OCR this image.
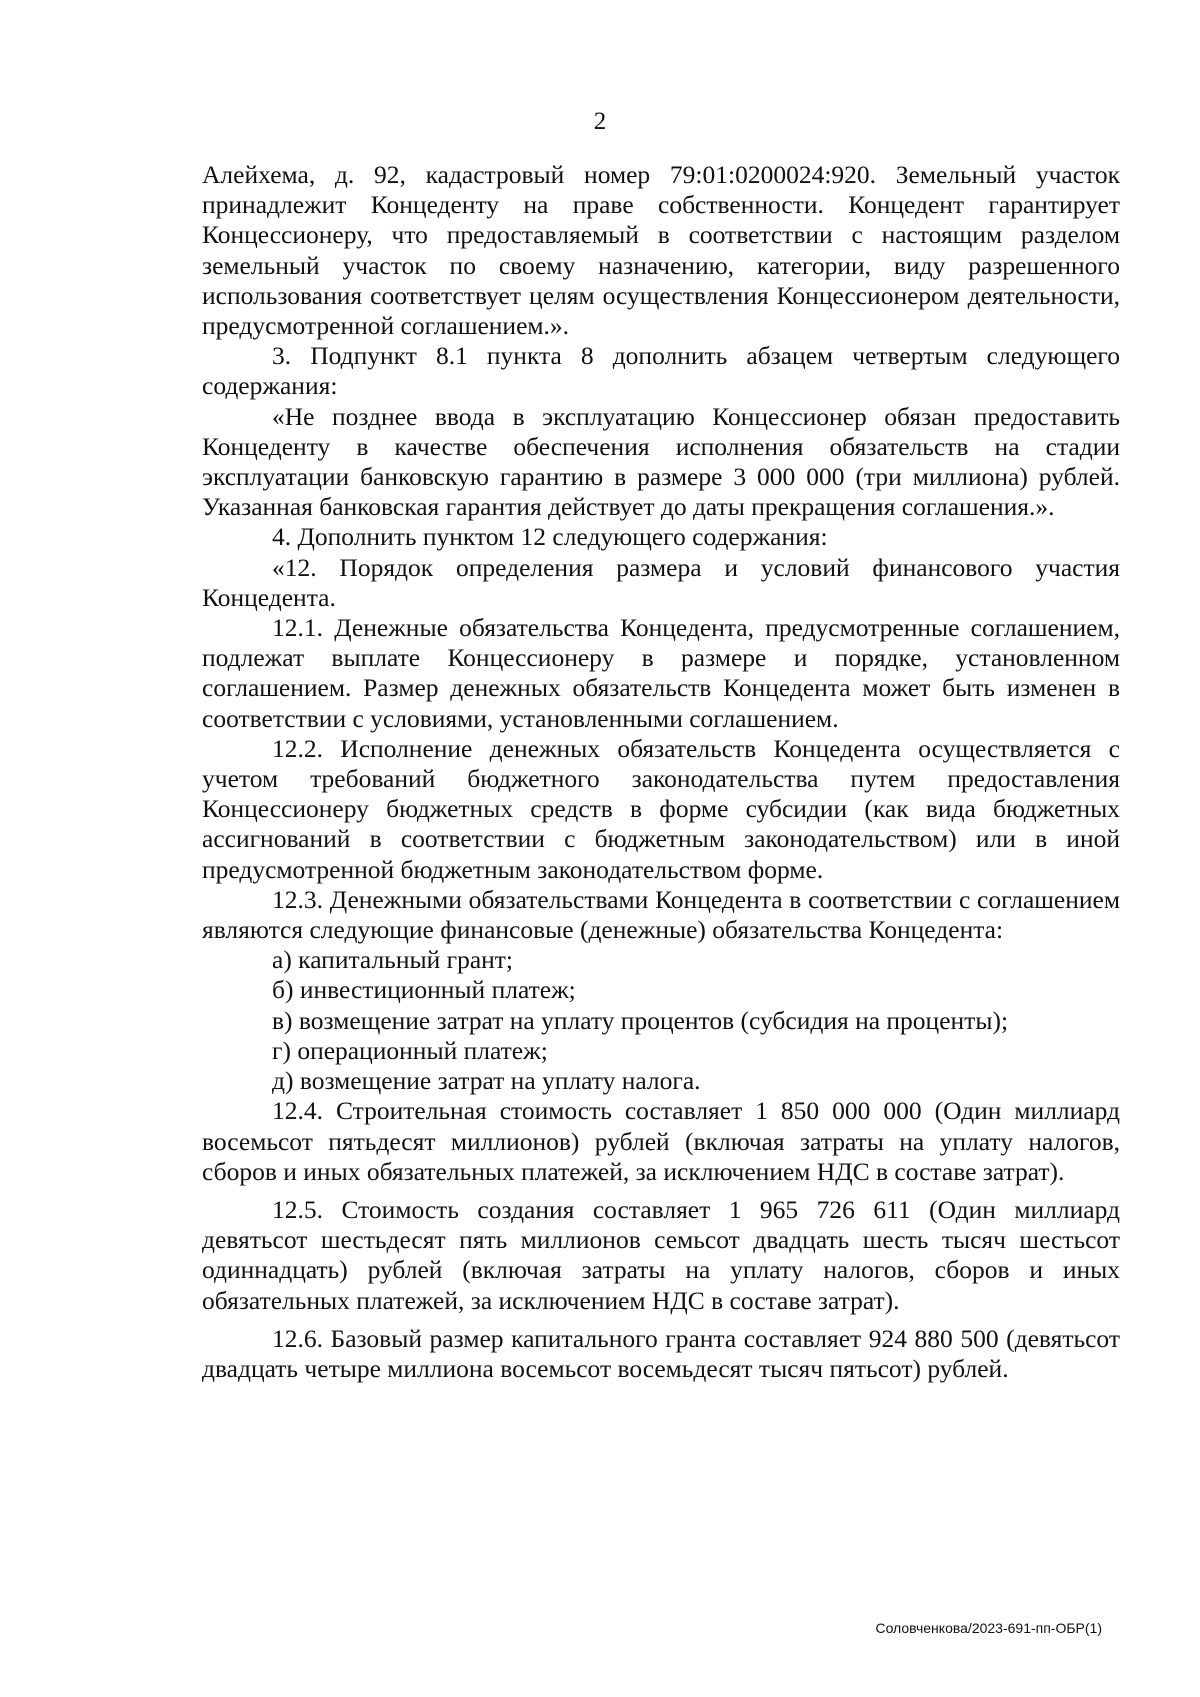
2

Алейхема, д. 92, кадастровый номер 79:01:0200024:920. Земельный участок принадлежит Концеденту на праве собственности. Концедент гарантирует Концессионеру, что предоставляемый в соответствии с настоящим разделом земельный участок по своему назначению, категории, виду разрешенного использования соответствует целям осуществления Концессионером деятельности, предусмотренной соглашением.».

3. Подпункт 8.1 пункта 8 дополнить абзацем четвертым следующего содержания:

«Не позднее ввода в эксплуатацию Концессионер обязан предоставить Концеденту в качестве обеспечения исполнения обязательств на стадии эксплуатации банковскую гарантию в размере 3 000 000 (три миллиона) рублей. Указанная банковская гарантия действует до даты прекращения соглашения.».

4. Дополнить пунктом 12 следующего содержания:

«12. Порядок определения размера и условий финансового участия Концедента.

12.1. Денежные обязательства Концедента, предусмотренные соглашением, подлежат выплате Концессионеру в размере и порядке, установленном соглашением. Размер денежных обязательств Концедента может быть изменен в соответствии с условиями, установленными соглашением.

12.2. Исполнение денежных обязательств Концедента осуществляется с учетом требований бюджетного законодательства путем предоставления Концессионеру бюджетных средств в форме субсидии (как вида бюджетных ассигнований в соответствии с бюджетным законодательством) или в иной предусмотренной бюджетным законодательством форме.

12.3. Денежными обязательствами Концедента в соответствии с соглашением являются следующие финансовые (денежные) обязательства Концедента:

а) капитальный грант;

б) инвестиционный платеж;

в) возмещение затрат на уплату процентов (субсидия на проценты);

г) операционный платеж;

д) возмещение затрат на уплату налога.

12.4. Строительная стоимость составляет 1 850 000 000 (Один миллиард восемьсот пятьдесят миллионов) рублей (включая затраты на уплату налогов, сборов и иных обязательных платежей, за исключением НДС в составе затрат).

12.5. Стоимость создания составляет 1 965 726 611 (Один миллиард девятьсот шестьдесят пять миллионов семьсот двадцать шесть тысяч шестьсот одиннадцать) рублей (включая затраты на уплату налогов, сборов и иных обязательных платежей, за исключением НДС в составе затрат).

12.6. Базовый размер капитального гранта составляет 924 880 500 (девятьсот двадцать четыре миллиона восемьсот восемьдесят тысяч пятьсот) рублей.

Соловченкова/2023-691-пп-ОБР(1)
